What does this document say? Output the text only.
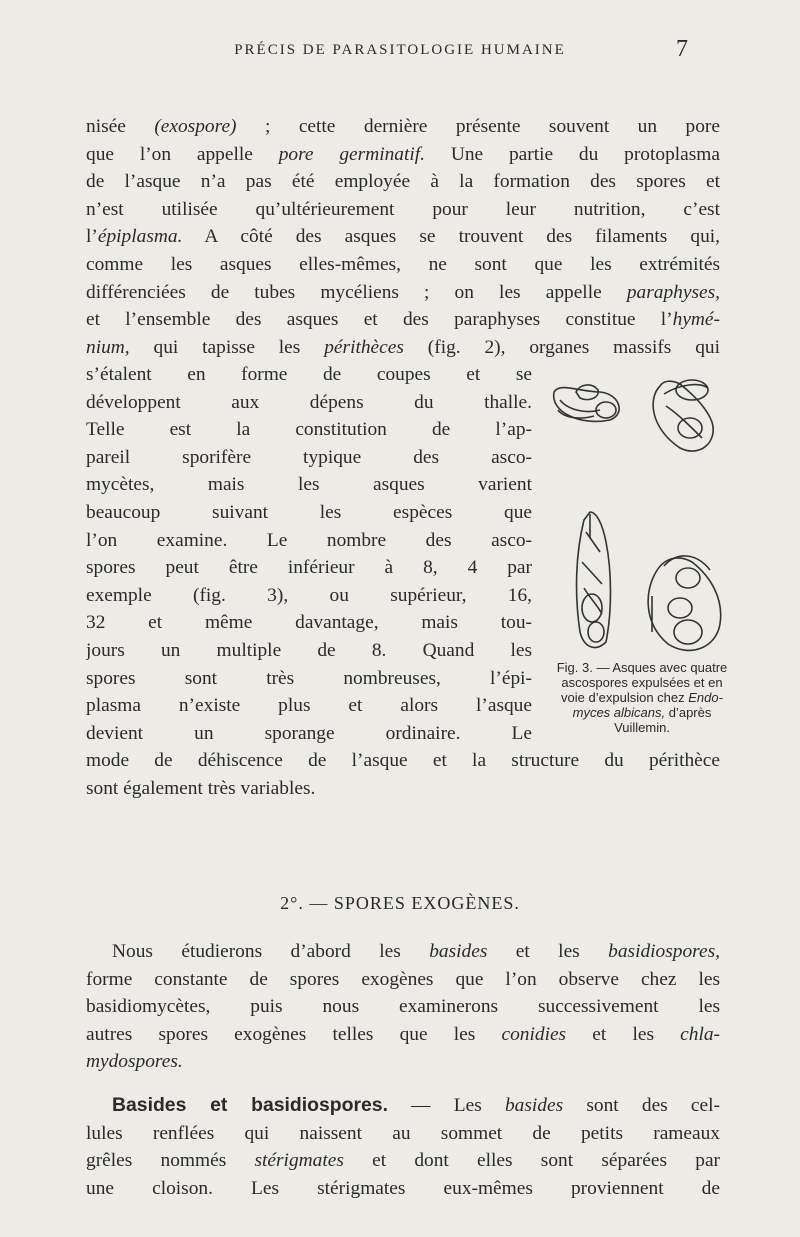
PRÉCIS DE PARASITOLOGIE HUMAINE	7
nisée (exospore) ; cette dernière présente souvent un pore
que l’on appelle pore germinatif. Une partie du protoplasma
de l’asque n’a pas été employée à la formation des spores et
n’est utilisée qu’ultérieurement pour leur nutrition, c’est
l’épiplasma. A côté des asques se trouvent des filaments qui,
comme les asques elles-mêmes, ne sont que les extrémités
différenciées de tubes mycéliens ; on les appelle paraphyses,
et l’ensemble des asques et des paraphyses constitue l’hymé-
nium, qui tapisse les périthèces (fig. 2), organes massifs qui
s’étalent en forme de coupes et se
développent aux dépens du thalle.
Telle est la constitution de l’ap-
pareil sporifère typique des asco-
mycètes, mais les asques varient
beaucoup suivant les espèces que
l’on examine. Le nombre des asco-
spores peut être inférieur à 8, 4 par
exemple (fig. 3), ou supérieur, 16,
32 et même davantage, mais tou-
jours un multiple de 8. Quand les
spores sont très nombreuses, l’épi-
plasma n’existe plus et alors l’asque
devient un sporange ordinaire. Le
mode de déhiscence de l’asque et la structure du périthèce
sont également très variables.
Fig. 3. — Asques avec quatre
ascospores expulsées et en
voie d’expulsion chez Endo-
myces albicans, d’après
Vuillemin.
2°. — SPORES EXOGÈNES.
Nous étudierons d’abord les basides et les basidiospores,
forme constante de spores exogènes que l’on observe chez les
basidiomycètes, puis nous examinerons successivement les
autres spores exogènes telles que les conidies et les chla-
mydospores.
Basides et basidiospores. — Les basides sont des cel-
lules renflées qui naissent au sommet de petits rameaux
grêles nommés stérigmates et dont elles sont séparées par
une cloison. Les stérigmates eux-mêmes proviennent de
